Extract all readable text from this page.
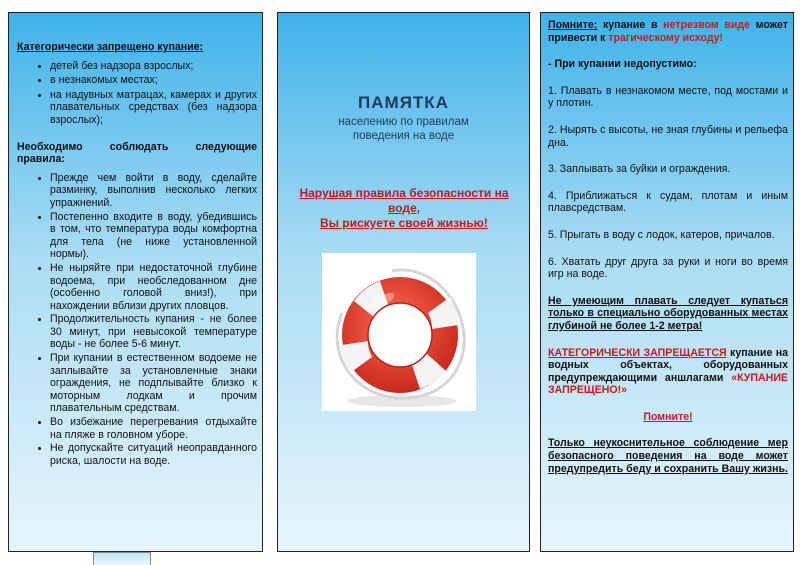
Категорически запрещено купание:
• детей без надзора взрослых;
• в незнакомых местах;
• на надувных матрацах, камерах и других плавательных средствах (без надзора взрослых);
Необходимо соблюдать следующие правила:
• Прежде чем войти в воду, сделайте разминку, выполнив несколько легких упражнений.
• Постепенно входите в воду, убедившись в том, что температура воды комфортна для тела (не ниже установленной нормы).
• Не ныряйте при недостаточной глубине водоема, при необследованном дне (особенно головой вниз!), при нахождении вблизи других пловцов.
• Продолжительность купания - не более 30 минут, при невысокой температуре воды - не более 5-6 минут.
• При купании в естественном водоеме не заплывайте за установленные знаки ограждения, не подплывайте близко к моторным лодкам и прочим плавательным средствам.
• Во избежание перегревания отдыхайте на пляже в головном уборе.
• Не допускайте ситуаций неоправданного риска, шалости на воде.
ПАМЯТКА
населению по правилам
поведения на воде
Нарушая правила безопасности на воде,
Вы рискуете своей жизнью!

Помните: купание в нетрезвом виде может привести к трагическому исходу!

- При купании недопустимо:

1. Плавать в незнакомом месте, под мостами и у плотин.

2. Нырять с высоты, не зная глубины и рельефа дна.

3. Заплывать за буйки и ограждения.

4. Приближаться к судам, плотам и иным плавсредствам.

5. Прыгать в воду с лодок, катеров, причалов.

6. Хватать друг друга за руки и ноги во время игр на воде.

Не умеющим плавать следует купаться только в специально оборудованных местах глубиной не более 1-2 метра!

КАТЕГОРИЧЕСКИ ЗАПРЕЩАЕТСЯ купание на водных объектах, оборудованных предупреждающими аншлагами «КУПАНИЕ ЗАПРЕЩЕНО!»

Помните!

Только неукоснительное соблюдение мер безопасного поведения на воде может предупредить беду и сохранить Вашу жизнь.
